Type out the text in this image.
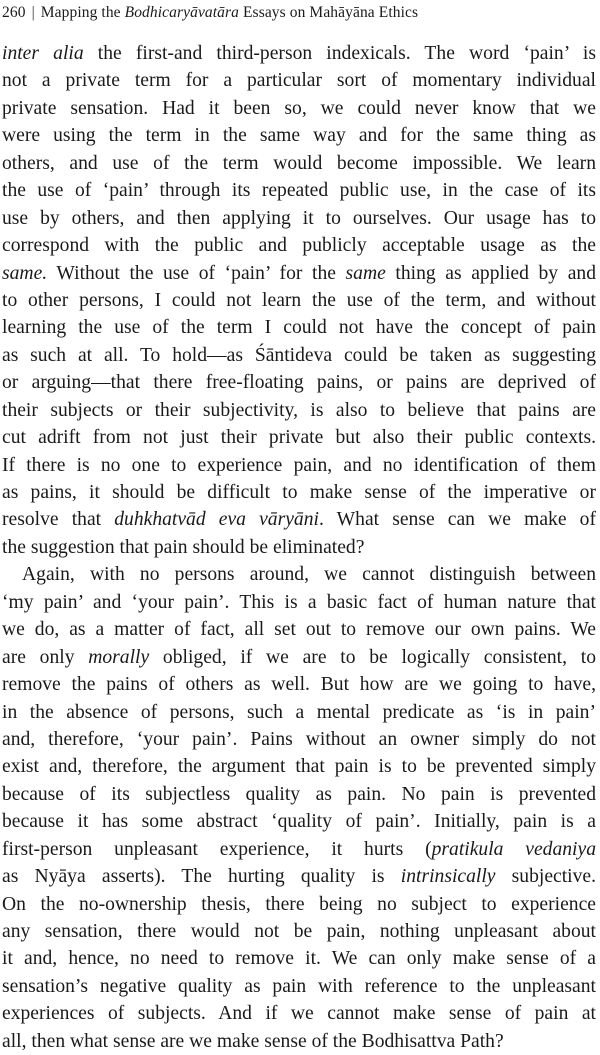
260 | Mapping the Bodhicaryāvatāra Essays on Mahāyāna Ethics
inter alia the first-and third-person indexicals. The word ‘pain’ is
not a private term for a particular sort of momentary individual
private sensation. Had it been so, we could never know that we
were using the term in the same way and for the same thing as
others, and use of the term would become impossible. We learn
the use of ‘pain’ through its repeated public use, in the case of its
use by others, and then applying it to ourselves. Our usage has to
correspond with the public and publicly acceptable usage as the
same. Without the use of ‘pain’ for the same thing as applied by and
to other persons, I could not learn the use of the term, and without
learning the use of the term I could not have the concept of pain
as such at all. To hold—as Śāntideva could be taken as suggesting
or arguing—that there free-floating pains, or pains are deprived of
their subjects or their subjectivity, is also to believe that pains are
cut adrift from not just their private but also their public contexts.
If there is no one to experience pain, and no identification of them
as pains, it should be difficult to make sense of the imperative or
resolve that duhkhatvād eva vāryāni. What sense can we make of
the suggestion that pain should be eliminated?
Again, with no persons around, we cannot distinguish between
‘my pain’ and ‘your pain’. This is a basic fact of human nature that
we do, as a matter of fact, all set out to remove our own pains. We
are only morally obliged, if we are to be logically consistent, to
remove the pains of others as well. But how are we going to have,
in the absence of persons, such a mental predicate as ‘is in pain’
and, therefore, ‘your pain’. Pains without an owner simply do not
exist and, therefore, the argument that pain is to be prevented simply
because of its subjectless quality as pain. No pain is prevented
because it has some abstract ‘quality of pain’. Initially, pain is a
first-person unpleasant experience, it hurts (pratikula vedaniya
as Nyāya asserts). The hurting quality is intrinsically subjective.
On the no-ownership thesis, there being no subject to experience
any sensation, there would not be pain, nothing unpleasant about
it and, hence, no need to remove it. We can only make sense of a
sensation’s negative quality as pain with reference to the unpleasant
experiences of subjects. And if we cannot make sense of pain at
all, then what sense are we make sense of the Bodhisattva Path?
